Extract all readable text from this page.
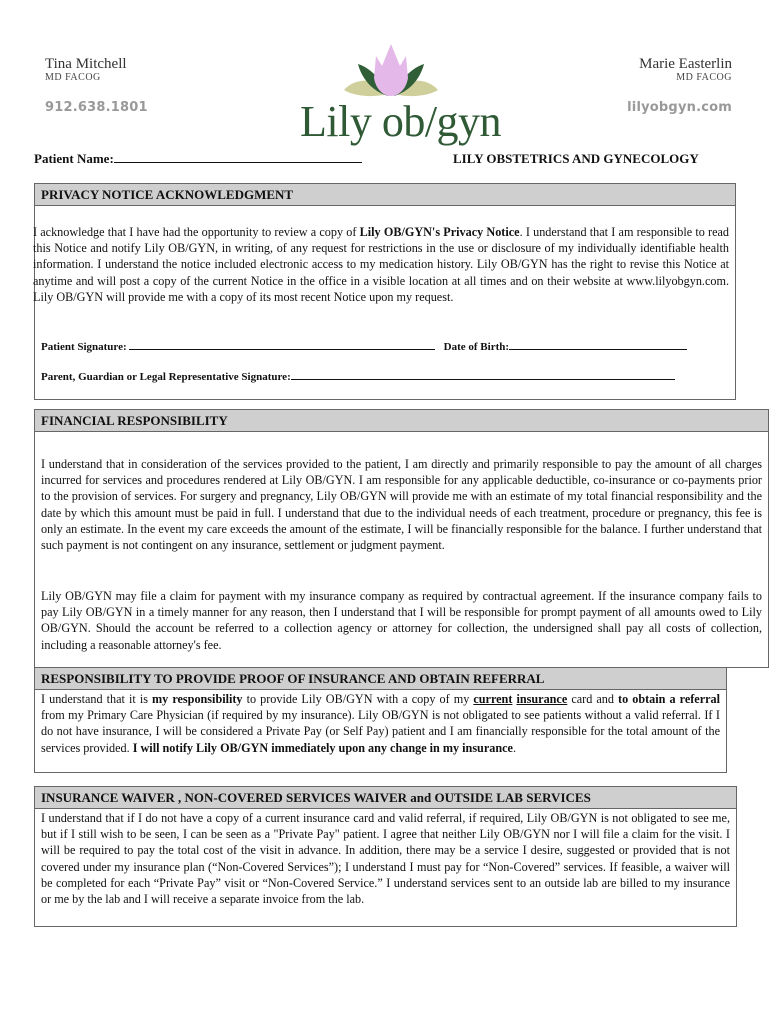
Tina Mitchell
MD FACOG
912.638.1801	Lily ob/gyn
Marie Easterlin
MD FACOG
lilyobgyn.com
Patient Name:	LILY OBSTETRICS AND GYNECOLOGY
PRIVACY NOTICE ACKNOWLEDGMENT
I acknowledge that I have had the opportunity to review a copy of Lily OB/GYN's Privacy Notice. I understand that I am responsible to read this Notice and notify Lily OB/GYN, in writing, of any request for restrictions in the use or disclosure of my individually identifiable health information. I understand the notice included electronic access to my medication history. Lily OB/GYN has the right to revise this Notice at anytime and will post a copy of the current Notice in the office in a visible location at all times and on their website at www.lilyobgyn.com. Lily OB/GYN will provide me with a copy of its most recent Notice upon my request.
Patient Signature:	Date of Birth:
Parent, Guardian or Legal Representative Signature:
FINANCIAL RESPONSIBILITY
I understand that in consideration of the services provided to the patient, I am directly and primarily responsible to pay the amount of all charges incurred for services and procedures rendered at Lily OB/GYN. I am responsible for any applicable deductible, co-insurance or co-payments prior to the provision of services. For surgery and pregnancy, Lily OB/GYN will provide me with an estimate of my total financial responsibility and the date by which this amount must be paid in full. I understand that due to the individual needs of each treatment, procedure or pregnancy, this fee is only an estimate. In the event my care exceeds the amount of the estimate, I will be financially responsible for the balance. I further understand that such payment is not contingent on any insurance, settlement or judgment payment.
Lily OB/GYN may file a claim for payment with my insurance company as required by contractual agreement. If the insurance company fails to pay Lily OB/GYN in a timely manner for any reason, then I understand that I will be responsible for prompt payment of all amounts owed to Lily OB/GYN. Should the account be referred to a collection agency or attorney for collection, the undersigned shall pay all costs of collection, including a reasonable attorney's fee.
RESPONSIBILITY TO PROVIDE PROOF OF INSURANCE AND OBTAIN REFERRAL
I understand that it is my responsibility to provide Lily OB/GYN with a copy of my current insurance card and to obtain a referral from my Primary Care Physician (if required by my insurance). Lily OB/GYN is not obligated to see patients without a valid referral. If I do not have insurance, I will be considered a Private Pay (or Self Pay) patient and I am financially responsible for the total amount of the services provided. I will notify Lily OB/GYN immediately upon any change in my insurance.
INSURANCE WAIVER , NON-COVERED SERVICES WAIVER and OUTSIDE LAB SERVICES
I understand that if I do not have a copy of a current insurance card and valid referral, if required, Lily OB/GYN is not obligated to see me, but if I still wish to be seen, I can be seen as a "Private Pay" patient. I agree that neither Lily OB/GYN nor I will file a claim for the visit. I will be required to pay the total cost of the visit in advance. In addition, there may be a service I desire, suggested or provided that is not covered under my insurance plan (“Non-Covered Services”); I understand I must pay for “Non-Covered” services. If feasible, a waiver will be completed for each “Private Pay” visit or “Non-Covered Service.” I understand services sent to an outside lab are billed to my insurance or me by the lab and I will receive a separate invoice from the lab.
